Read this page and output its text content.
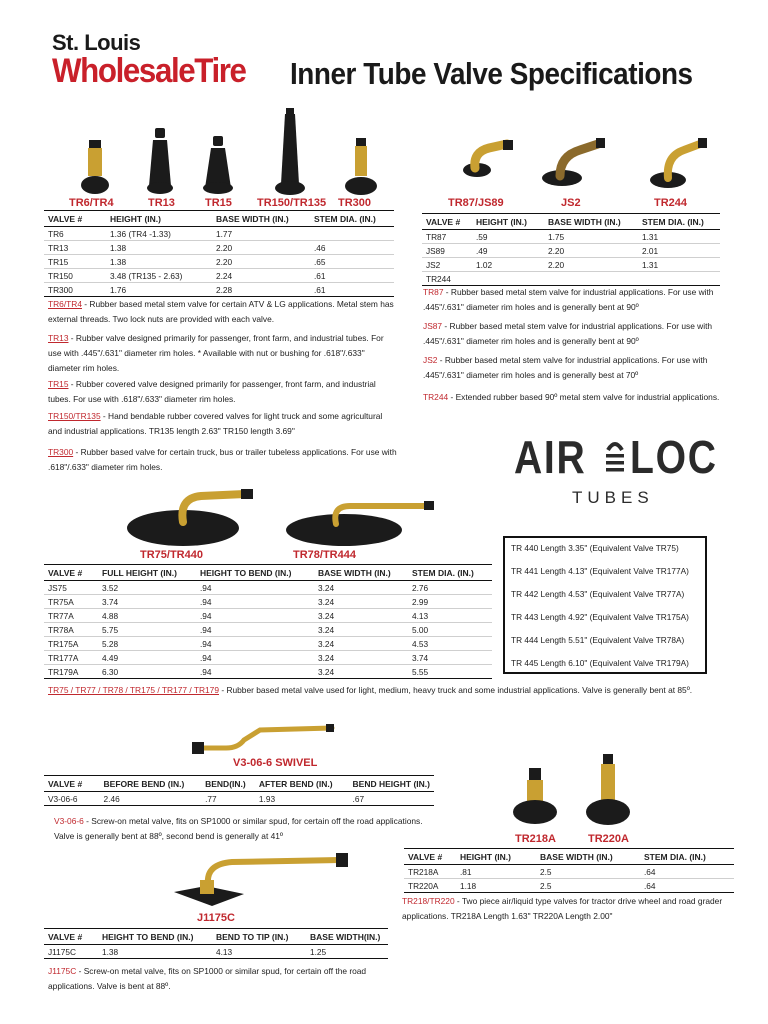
St. Louis
WholesaleTire Inner Tube Valve Specifications
TR6/TR4	TR13	TR15 TR150/TR135 TR300
VALVE #	HEIGHT (IN.)	BASE WIDTH (IN.)	STEM DIA. (IN.)
TR6	1.36 (TR4 -1.33)	1.77	
TR13	1.38	2.20	.46
TR15	1.38	2.20	.65
TR150	3.48 (TR135 - 2.63)	2.24	.61
TR300	1.76	2.28	.61
TR6/TR4 - Rubber based metal stem valve for certain ATV & LG applications. Metal stem has external threads. Two lock nuts are provided with each valve.
TR13 - Rubber valve designed primarily for passenger, front farm, and industrial tubes. For use with .445"/.631" diameter rim holes. * Available with nut or bushing for .618"/.633" diameter rim holes.
TR15 - Rubber covered valve designed primarily for passenger, front farm, and industrial tubes. For use with .618"/.633" diameter rim holes.
TR150/TR135 - Hand bendable rubber covered valves for light truck and some agricultural and industrial applications. TR135 length 2.63" TR150 length 3.69"
TR300 - Rubber based valve for certain truck, bus or trailer tubeless applications. For use with .618"/.633" diameter rim holes.
TR87/JS89	JS2	TR244
VALVE #	HEIGHT (IN.)	BASE WIDTH (IN.)	STEM DIA. (IN.)
TR87	.59	1.75	1.31
JS89	.49	2.20	2.01
JS2	1.02	2.20	1.31
TR244			
TR87 - Rubber based metal stem valve for industrial applications. For use with .445"/.631" diameter rim holes and is generally bent at 90º
JS87 - Rubber based metal stem valve for industrial applications. For use with .445"/.631" diameter rim holes and is generally bent at 90º
JS2 - Rubber based metal stem valve for industrial applications. For use with .445"/.631" diameter rim holes and is generally best at 70º
TR244 - Extended rubber based 90º metal stem valve for industrial applications.
AIR LOC
TUBES
TR 440 Length 3.35" (Equivalent Valve TR75)
TR 441 Length 4.13" (Equivalent Valve TR177A)
TR 442 Length 4.53" (Equivalent Valve TR77A)
TR 443 Length 4.92" (Equivalent Valve TR175A)
TR 444 Length 5.51" (Equivalent Valve TR78A)
TR 445 Length 6.10" (Equivalent Valve TR179A)
TR75/TR440	TR78/TR444
VALVE #	FULL HEIGHT (IN.)	HEIGHT TO BEND (IN.)	BASE WIDTH (IN.)	STEM DIA. (IN.)
JS75	3.52	.94	3.24	2.76
TR75A	3.74	.94	3.24	2.99
TR77A	4.88	.94	3.24	4.13
TR78A	5.75	.94	3.24	5.00
TR175A	5.28	.94	3.24	4.53
TR177A	4.49	.94	3.24	3.74
TR179A	6.30	.94	3.24	5.55
TR75 / TR77 / TR78 / TR175 / TR177 / TR179 - Rubber based metal valve used for light, medium, heavy truck and some industrial applications. Valve is generally bent at 85º.
V3-06-6 SWIVEL
VALVE #	BEFORE BEND (IN.)	BEND(IN.)	AFTER BEND (IN.)	BEND HEIGHT (IN.)
V3-06-6	2.46	.77	1.93	.67
V3-06-6 - Screw-on metal valve, fits on SP1000 or similar spud, for certain off the road applications. Valve is generally bent at 88º, second bend is generally at 41º	TR218A	TR220A
VALVE #	HEIGHT (IN.)	BASE WIDTH (IN.)	STEM DIA. (IN.)
TR218A	.81	2.5	.64
TR220A	1.18	2.5	.64
TR218/TR220 - Two piece air/liquid type valves for tractor drive wheel and road grader applications. TR218A Length 1.63" TR220A Length 2.00"
J1175C
VALVE #	HEIGHT TO BEND (IN.)	BEND TO TIP (IN.)	BASE WIDTH(IN.)
J1175C	1.38	4.13	1.25
J1175C - Screw-on metal valve, fits on SP1000 or similar spud, for certain off the road applications. Valve is bent at 88º.
